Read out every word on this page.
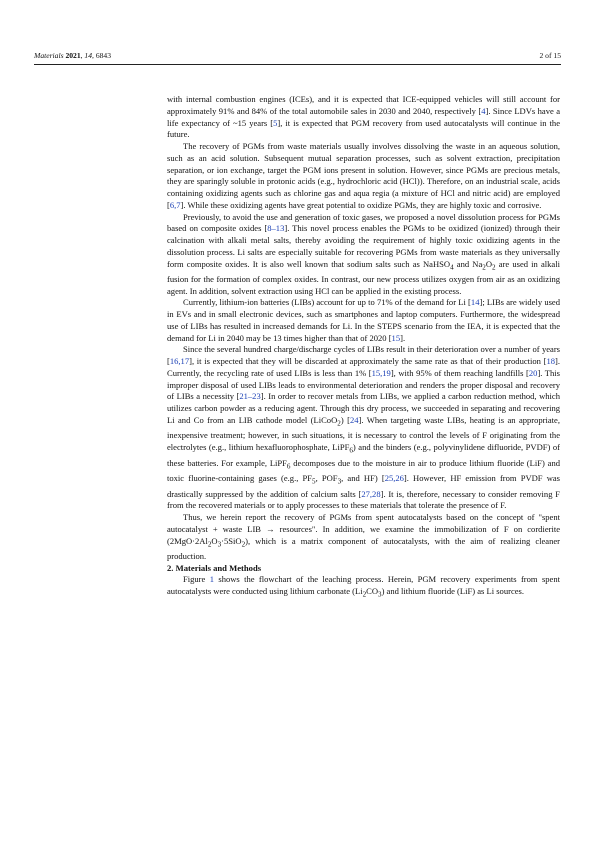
Materials 2021, 14, 6843	2 of 15

with internal combustion engines (ICEs), and it is expected that ICE-equipped vehicles will still account for approximately 91% and 84% of the total automobile sales in 2030 and 2040, respectively [4]. Since LDVs have a life expectancy of ~15 years [5], it is expected that PGM recovery from used autocatalysts will continue in the future.

The recovery of PGMs from waste materials usually involves dissolving the waste in an aqueous solution, such as an acid solution. Subsequent mutual separation processes, such as solvent extraction, precipitation separation, or ion exchange, target the PGM ions present in solution. However, since PGMs are precious metals, they are sparingly soluble in protonic acids (e.g., hydrochloric acid (HCl)). Therefore, on an industrial scale, acids containing oxidizing agents such as chlorine gas and aqua regia (a mixture of HCl and nitric acid) are employed [6,7]. While these oxidizing agents have great potential to oxidize PGMs, they are highly toxic and corrosive.

Previously, to avoid the use and generation of toxic gases, we proposed a novel dissolution process for PGMs based on composite oxides [8–13]. This novel process enables the PGMs to be oxidized (ionized) through their calcination with alkali metal salts, thereby avoiding the requirement of highly toxic oxidizing agents in the dissolution process. Li salts are especially suitable for recovering PGMs from waste materials as they universally form composite oxides. It is also well known that sodium salts such as NaHSO$_4$ and $Na_2O_2$ are used in alkali fusion for the formation of complex oxides. In contrast, our new process utilizes oxygen from air as an oxidizing agent. In addition, solvent extraction using HCl can be applied in the existing process.

Currently, lithium-ion batteries (LIBs) account for up to 71% of the demand for Li [14]; LIBs are widely used in EVs and in small electronic devices, such as smartphones and laptop computers. Furthermore, the widespread use of LIBs has resulted in increased demands for Li. In the STEPS scenario from the IEA, it is expected that the demand for Li in 2040 may be 13 times higher than that of 2020 [15].

Since the several hundred charge/discharge cycles of LIBs result in their deterioration over a number of years [16,17], it is expected that they will be discarded at approximately the same rate as that of their production [18]. Currently, the recycling rate of used LIBs is less than 1% [15,19], with 95% of them reaching landfills [20]. This improper disposal of used LIBs leads to environmental deterioration and renders the proper disposal and recovery of LIBs a necessity [21–23]. In order to recover metals from LIBs, we applied a carbon reduction method, which utilizes carbon powder as a reducing agent. Through this dry process, we succeeded in separating and recovering Li and Co from an LIB cathode model (LiCoO$_2$) [24]. When targeting waste LIBs, heating is an appropriate, inexpensive treatment; however, in such situations, it is necessary to control the levels of F originating from the electrolytes (e.g., lithium hexafluorophosphate, LiPF$_6$) and the binders (e.g., polyvinylidene difluoride, PVDF) of these batteries. For example, LiPF$_6$ decomposes due to the moisture in air to produce lithium fluoride (LiF) and toxic fluorine-containing gases (e.g., $PF_5$, $POF_3$, and HF) [25,26]. However, HF emission from PVDF was drastically suppressed by the addition of calcium salts [27,28]. It is, therefore, necessary to consider removing F from the recovered materials or to apply processes to these materials that tolerate the presence of F.

Thus, we herein report the recovery of PGMs from spent autocatalysts based on the concept of "spent autocatalyst + waste LIB → resources". In addition, we examine the immobilization of F on cordierite $(2MgO\cdot 2Al_2O_3\cdot 5SiO_2)$, which is a matrix component of autocatalysts, with the aim of realizing cleaner production.

2. Materials and Methods

Figure 1 shows the flowchart of the leaching process. Herein, PGM recovery experiments from spent autocatalysts were conducted using lithium carbonate $(Li_2CO_3)$ and lithium fluoride (LiF) as Li sources.
